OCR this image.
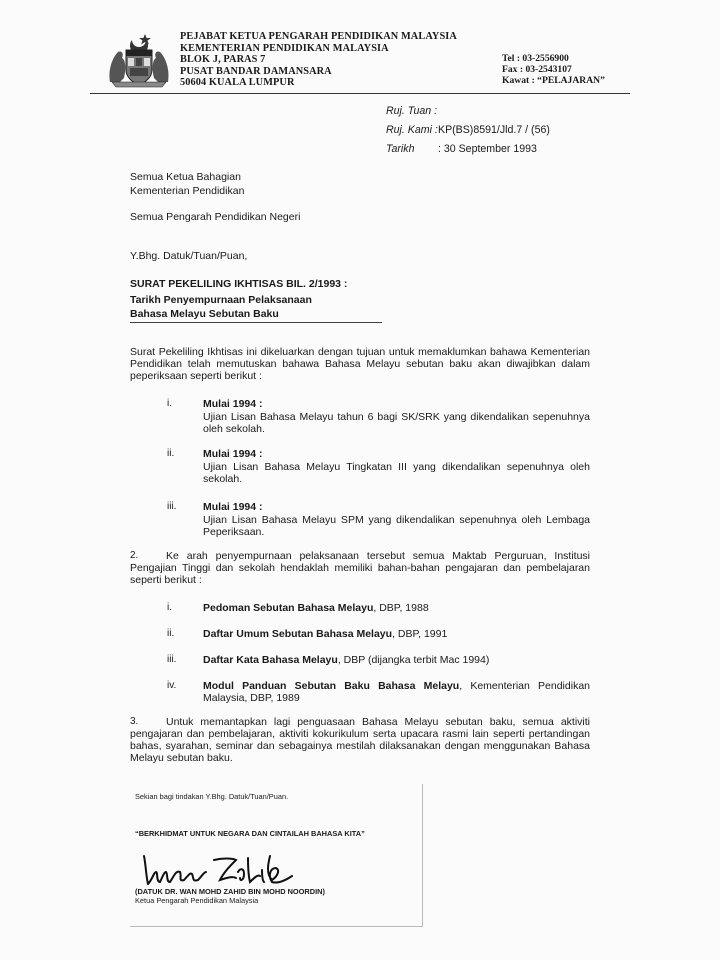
PEJABAT KETUA PENGARAH PENDIDIKAN MALAYSIA
KEMENTERIAN PENDIDIKAN MALAYSIA
BLOK J, PARAS 7
PUSAT BANDAR DAMANSARA
50604 KUALA LUMPUR
Tel : 03-2556900
Fax : 03-2543107
Kawat : “PELAJARAN”
Ruj. Tuan :
Ruj. Kami :KP(BS)8591/Jld.7 / (56)
Tarikh : 30 September 1993
Semua Ketua Bahagian
Kementerian Pendidikan
Semua Pengarah Pendidikan Negeri
Y.Bhg. Datuk/Tuan/Puan,
SURAT PEKELILING IKHTISAS BIL. 2/1993 :
Tarikh Penyempurnaan Pelaksanaan
Bahasa Melayu Sebutan Baku
Surat Pekeliling Ikhtisas ini dikeluarkan dengan tujuan untuk memaklumkan bahawa Kementerian Pendidikan telah memutuskan bahawa Bahasa Melayu sebutan baku akan diwajibkan dalam peperiksaan seperti berikut :
i.	Mulai 1994 :
Ujian Lisan Bahasa Melayu tahun 6 bagi SK/SRK yang dikendalikan sepenuhnya oleh sekolah.
ii.	Mulai 1994 :
Ujian Lisan Bahasa Melayu Tingkatan III yang dikendalikan sepenuhnya oleh sekolah.
iii.	Mulai 1994 :
Ujian Lisan Bahasa Melayu SPM yang dikendalikan sepenuhnya oleh Lembaga Peperiksaan.
2.	Ke arah penyempurnaan pelaksanaan tersebut semua Maktab Perguruan, Institusi Pengajian Tinggi dan sekolah hendaklah memiliki bahan-bahan pengajaran dan pembelajaran seperti berikut :
i.	Pedoman Sebutan Bahasa Melayu, DBP, 1988
ii.	Daftar Umum Sebutan Bahasa Melayu, DBP, 1991
iii.	Daftar Kata Bahasa Melayu, DBP (dijangka terbit Mac 1994)
iv.	Modul Panduan Sebutan Baku Bahasa Melayu, Kementerian Pendidikan Malaysia, DBP, 1989
3.	Untuk memantapkan lagi penguasaan Bahasa Melayu sebutan baku, semua aktiviti pengajaran dan pembelajaran, aktiviti kokurikulum serta upacara rasmi lain seperti pertandingan bahas, syarahan, seminar dan sebagainya mestilah dilaksanakan dengan menggunakan Bahasa Melayu sebutan baku.
Sekian bagi tindakan Y.Bhg. Datuk/Tuan/Puan.
“BERKHIDMAT UNTUK NEGARA DAN CINTAILAH BAHASA KITA”
(DATUK DR. WAN MOHD ZAHID BIN MOHD NOORDIN)
Ketua Pengarah Pendidikan Malaysia
